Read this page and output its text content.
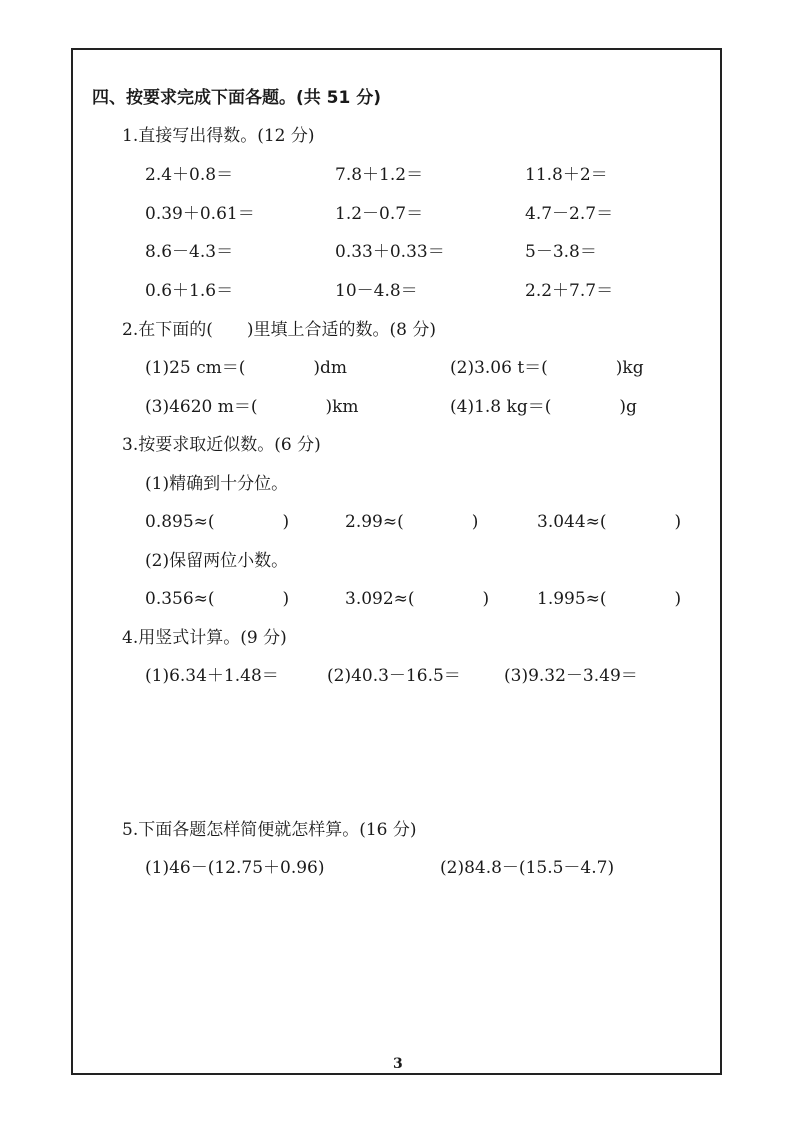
四、按要求完成下面各题。(共 51 分)
1.直接写出得数。(12 分)
2.4＋0.8＝	7.8＋1.2＝	11.8＋2＝
0.39＋0.61＝	1.2－0.7＝	4.7－2.7＝
8.6－4.3＝	0.33＋0.33＝	5－3.8＝
0.6＋1.6＝	10－4.8＝	2.2＋7.7＝
2.在下面的(　　)里填上合适的数。(8 分)
(1)25 cm＝(　　　　)dm	(2)3.06 t＝(　　　　)kg
(3)4620 m＝(　　　　)km	(4)1.8 kg＝(　　　　)g
3.按要求取近似数。(6 分)
(1)精确到十分位。
0.895≈(　　　　)	2.99≈(　　　　)	3.044≈(　　　　)
(2)保留两位小数。
0.356≈(　　　　)	3.092≈(　　　　)	1.995≈(　　　　)
4.用竖式计算。(9 分)
(1)6.34＋1.48＝	(2)40.3－16.5＝	(3)9.32－3.49＝
5.下面各题怎样简便就怎样算。(16 分)
(1)46－(12.75＋0.96)	(2)84.8－(15.5－4.7)
3
